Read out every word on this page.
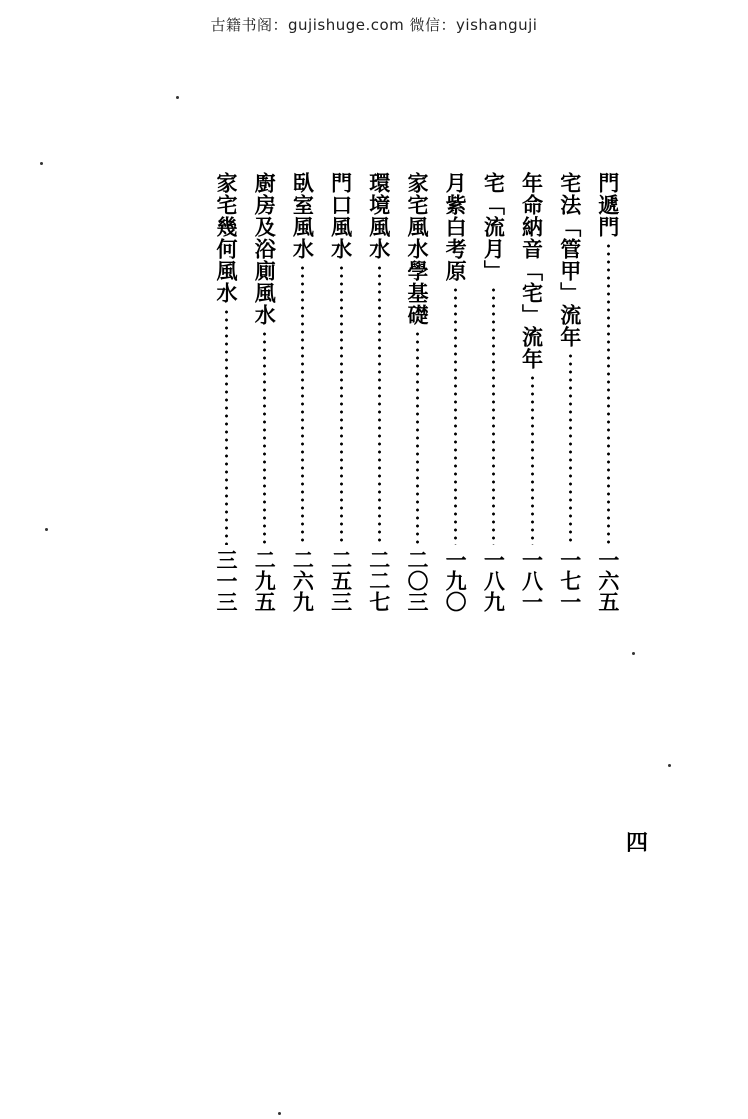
古籍书阁：gujishuge.com 微信：yishanguji
門遞門
一六五
宅法「管甲」流年
一七一
年命納音「宅」流年
一八一
宅「流月」
一八九
月紫白考原
一九〇
家宅風水學基礎
二〇三
環境風水
二二七
門口風水
二五三
臥室風水
二六九
廚房及浴廁風水
二九五
家宅幾何風水
三一三
四
